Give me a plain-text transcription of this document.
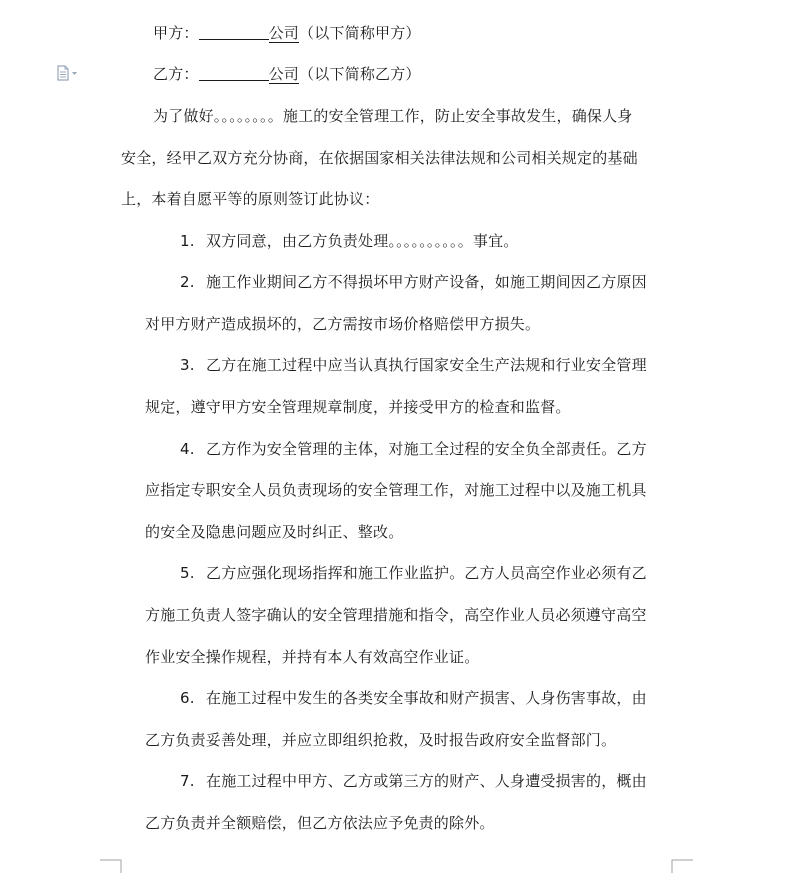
甲方：	公司（以下简称甲方）
乙方：	公司（以下简称乙方）
为了做好。。。。。。。。施工的安全管理工作，防止安全事故发生，确保人身
安全，经甲乙双方充分协商，在依据国家相关法律法规和公司相关规定的基础
上，本着自愿平等的原则签订此协议：
1. 双方同意，由乙方负责处理。。。。。。。。。。事宜。
2. 施工作业期间乙方不得损坏甲方财产设备，如施工期间因乙方原因
对甲方财产造成损坏的，乙方需按市场价格赔偿甲方损失。
3. 乙方在施工过程中应当认真执行国家安全生产法规和行业安全管理
规定，遵守甲方安全管理规章制度，并接受甲方的检查和监督。
4. 乙方作为安全管理的主体，对施工全过程的安全负全部责任。乙方
应指定专职安全人员负责现场的安全管理工作，对施工过程中以及施工机具
的安全及隐患问题应及时纠正、整改。
5. 乙方应强化现场指挥和施工作业监护。乙方人员高空作业必须有乙
方施工负责人签字确认的安全管理措施和指令，高空作业人员必须遵守高空
作业安全操作规程，并持有本人有效高空作业证。
6. 在施工过程中发生的各类安全事故和财产损害、人身伤害事故，由
乙方负责妥善处理，并应立即组织抢救，及时报告政府安全监督部门。
7. 在施工过程中甲方、乙方或第三方的财产、人身遭受损害的，概由
乙方负责并全额赔偿，但乙方依法应予免责的除外。
